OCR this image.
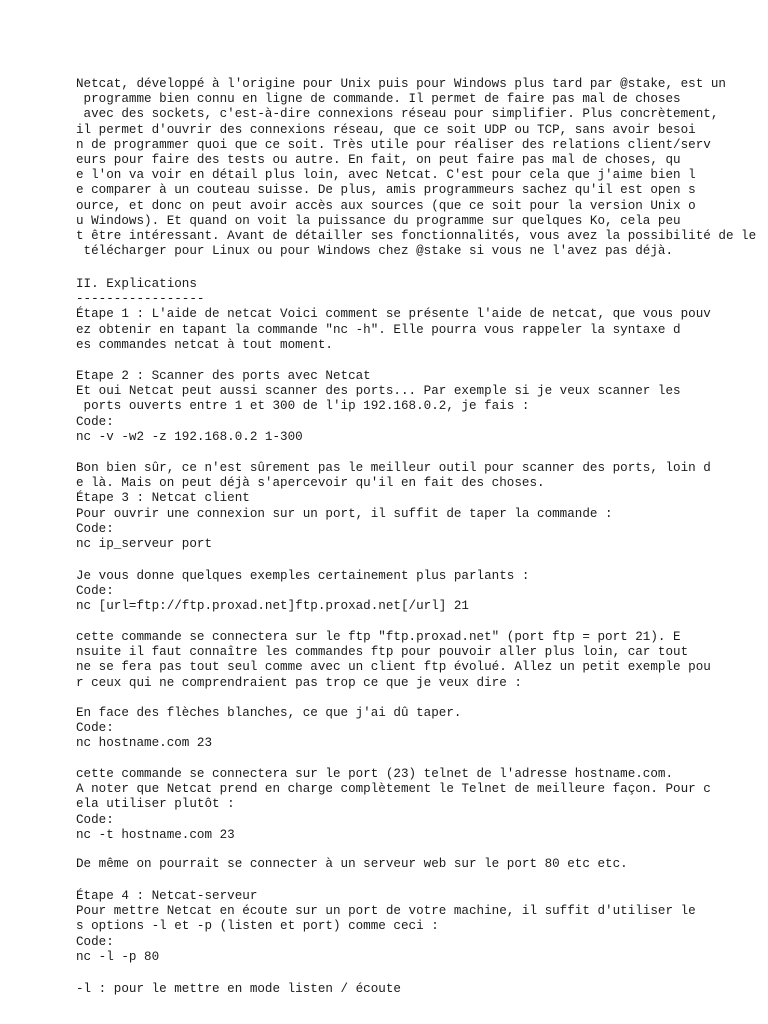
Netcat, développé à l'origine pour Unix puis pour Windows plus tard par @stake, est un
programme bien connu en ligne de commande. Il permet de faire pas mal de choses
avec des sockets, c'est-à-dire connexions réseau pour simplifier. Plus concrètement,
il permet d'ouvrir des connexions réseau, que ce soit UDP ou TCP, sans avoir besoi
n de programmer quoi que ce soit. Très utile pour réaliser des relations client/serv
eurs pour faire des tests ou autre. En fait, on peut faire pas mal de choses, qu
e l'on va voir en détail plus loin, avec Netcat. C'est pour cela que j'aime bien l
e comparer à un couteau suisse. De plus, amis programmeurs sachez qu'il est open s
ource, et donc on peut avoir accès aux sources (que ce soit pour la version Unix o
u Windows). Et quand on voit la puissance du programme sur quelques Ko, cela peu
t être intéressant. Avant de détailler ses fonctionnalités, vous avez la possibilité de le
télécharger pour Linux ou pour Windows chez @stake si vous ne l'avez pas déjà.
II. Explications
-----------------
Étape 1 : L'aide de netcat Voici comment se présente l'aide de netcat, que vous pouv
ez obtenir en tapant la commande "nc -h". Elle pourra vous rappeler la syntaxe d
es commandes netcat à tout moment.
Etape 2 : Scanner des ports avec Netcat
Et oui Netcat peut aussi scanner des ports... Par exemple si je veux scanner les
ports ouverts entre 1 et 300 de l'ip 192.168.0.2, je fais :
Code:
nc -v -w2 -z 192.168.0.2 1-300
Bon bien sûr, ce n'est sûrement pas le meilleur outil pour scanner des ports, loin d
e là. Mais on peut déjà s'apercevoir qu'il en fait des choses.
Étape 3 : Netcat client
Pour ouvrir une connexion sur un port, il suffit de taper la commande :
Code:
nc ip_serveur port
Je vous donne quelques exemples certainement plus parlants :
Code:
nc [url=ftp://ftp.proxad.net]ftp.proxad.net[/url] 21
cette commande se connectera sur le ftp "ftp.proxad.net" (port ftp = port 21). E
nsuite il faut connaître les commandes ftp pour pouvoir aller plus loin, car tout
ne se fera pas tout seul comme avec un client ftp évolué. Allez un petit exemple pou
r ceux qui ne comprendraient pas trop ce que je veux dire :
En face des flèches blanches, ce que j'ai dû taper.
Code:
nc hostname.com 23
cette commande se connectera sur le port (23) telnet de l'adresse hostname.com.
A noter que Netcat prend en charge complètement le Telnet de meilleure façon. Pour c
ela utiliser plutôt :
Code:
nc -t hostname.com 23
De même on pourrait se connecter à un serveur web sur le port 80 etc etc.
Étape 4 : Netcat-serveur
Pour mettre Netcat en écoute sur un port de votre machine, il suffit d'utiliser le
s options -l et -p (listen et port) comme ceci :
Code:
nc -l -p 80
-l : pour le mettre en mode listen / écoute
